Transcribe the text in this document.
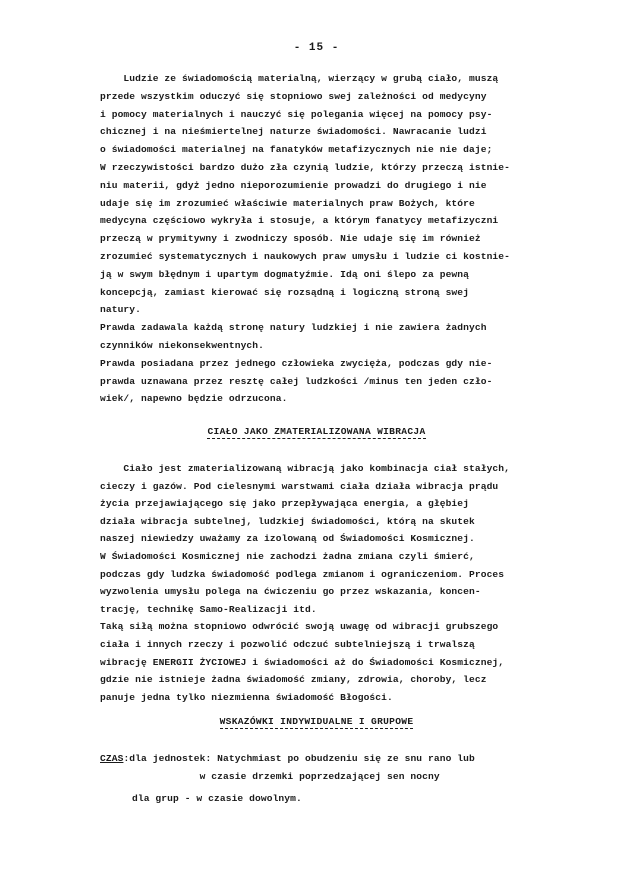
- 15 -
Ludzie ze świadomością materialną, wierzący w grubą ciało, muszą
przede wszystkim oduczyć się stopniowo swej zależności od medycyny
i pomocy materialnych i nauczyć się polegania więcej na pomocy psy-
chicznej i na nieśmiertelnej naturze świadomości. Nawracanie ludzi
o świadomości materialnej na fanatyków metafizycznych nie nie daje;
W rzeczywistości bardzo dużo zła czynią ludzie, którzy przeczą istnie-
niu materii, gdyż jedno nieporozumienie prowadzi do drugiego i nie
udaje się im zrozumieć właściwie materialnych praw Bożych, które
medycyna częściowo wykryła i stosuje, a którym fanatycy metafizyczni
przeczą w prymitywny i zwodniczy sposób. Nie udaje się im również
zrozumieć systematycznych i naukowych praw umysłu i ludzie ci kostnie-
ją w swym błędnym i upartym dogmatyźmie. Idą oni ślepo za pewną
koncepcją, zamiast kierować się rozsądną i logiczną stroną swej
natury.
Prawda zadawala każdą stronę natury ludzkiej i nie zawiera żadnych
czynników niekonsekwentnych.
Prawda posiadana przez jednego człowieka zwycięża, podczas gdy nie-
prawda uznawana przez resztę całej ludzkości /minus ten jeden czło-
wiek/, napewno będzie odrzucona.
CIAŁO JAKO ZMATERIALIZOWANA WIBRACJA
Ciało jest zmaterializowaną wibracją jako kombinacja ciał stałych,
cieczy i gazów. Pod cielesnymi warstwami ciała działa wibracja prądu
życia przejawiającego się jako przepływająca energia, a głębiej
działa wibracja subtelnej, ludzkiej świadomości, którą na skutek
naszej niewiedzy uważamy za izolowaną od Świadomości Kosmicznej.
W Świadomości Kosmicznej nie zachodzi żadna zmiana czyli śmierć,
podczas gdy ludzka świadomość podlega zmianom i ograniczeniom. Proces
wyzwolenia umysłu polega na ćwiczeniu go przez wskazania, koncen-
trację, technikę Samo-Realizacji itd.
Taką siłą można stopniowo odwrócić swoją uwagę od wibracji grubszego
ciała i innych rzeczy i pozwolić odczuć subtelniejszą i trwalszą
wibrację ENERGII ŻYCIOWEJ i świadomości aż do Świadomości Kosmicznej,
gdzie nie istnieje żadna świadomość zmiany, zdrowia, choroby, lecz
panuje jedna tylko niezmienna świadomość Błogości.
WSKAZÓWKI INDYWIDUALNE I GRUPOWE
CZAS:dla jednostek: Natychmiast po obudzeniu się ze snu rano lub
w czasie drzemki poprzedzającej sen nocny
dla grup - w czasie dowolnym.
